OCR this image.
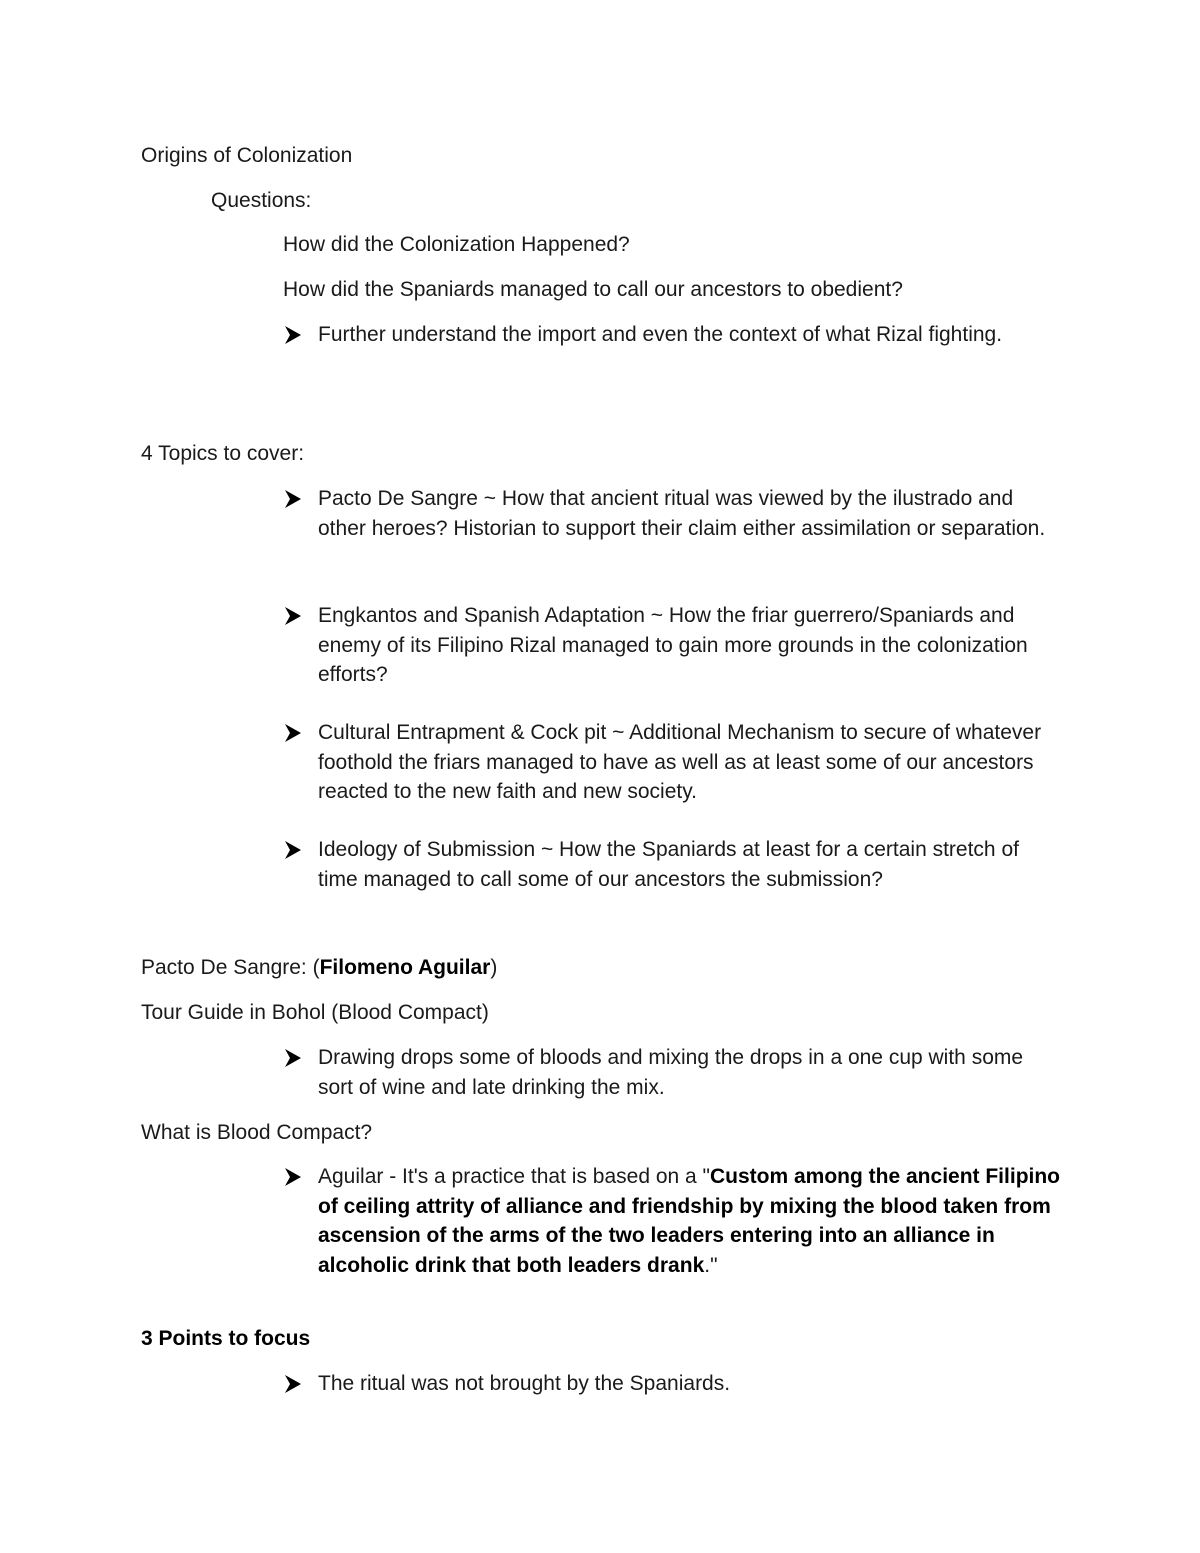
Origins of Colonization
Questions:
How did the Colonization Happened?
How did the Spaniards managed to call our ancestors to obedient?
Further understand the import and even the context of what Rizal fighting.
4 Topics to cover:
Pacto De Sangre ~ How that ancient ritual was viewed by the ilustrado and other heroes? Historian to support their claim either assimilation or separation.
Engkantos and Spanish Adaptation ~ How the friar guerrero/Spaniards and enemy of its Filipino Rizal managed to gain more grounds in the colonization efforts?
Cultural Entrapment & Cock pit ~ Additional Mechanism to secure of whatever foothold the friars managed to have as well as at least some of our ancestors reacted to the new faith and new society.
Ideology of Submission ~ How the Spaniards at least for a certain stretch of time managed to call some of our ancestors the submission?
Pacto De Sangre: (Filomeno Aguilar)
Tour Guide in Bohol (Blood Compact)
Drawing drops some of bloods and mixing the drops in a one cup with some sort of wine and late drinking the mix.
What is Blood Compact?
Aguilar - It's a practice that is based on a "Custom among the ancient Filipino of ceiling attrity of alliance and friendship by mixing the blood taken from ascension of the arms of the two leaders entering into an alliance in alcoholic drink that both leaders drank."
3 Points to focus
The ritual was not brought by the Spaniards.
